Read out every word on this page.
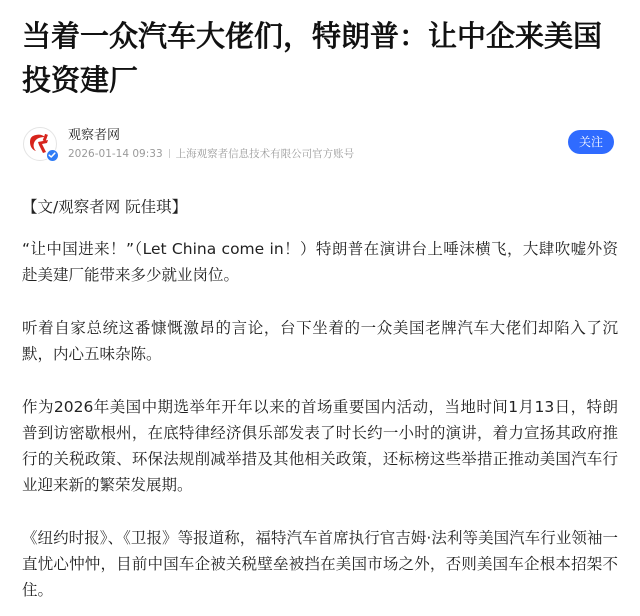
当着一众汽车大佬们，特朗普：让中企来美国投资建厂
观察者网
2026-01-14 09:33 上海观察者信息技术有限公司官方账号
关注

【文/观察者网 阮佳琪】

“让中国进来！”（Let China come in！）特朗普在演讲台上唾沫横飞，大肆吹嘘外资赴美建厂能带来多少就业岗位。

听着自家总统这番慷慨激昂的言论，台下坐着的一众美国老牌汽车大佬们却陷入了沉默，内心五味杂陈。

作为2026年美国中期选举年开年以来的首场重要国内活动，当地时间1月13日，特朗普到访密歇根州，在底特律经济俱乐部发表了时长约一小时的演讲，着力宣扬其政府推行的关税政策、环保法规削减举措及其他相关政策，还标榜这些举措正推动美国汽车行业迎来新的繁荣发展期。

《纽约时报》、《卫报》等报道称，福特汽车首席执行官吉姆·法利等美国汽车行业领袖一直忧心忡忡，目前中国车企被关税壁垒被挡在美国市场之外，否则美国车企根本招架不住。
